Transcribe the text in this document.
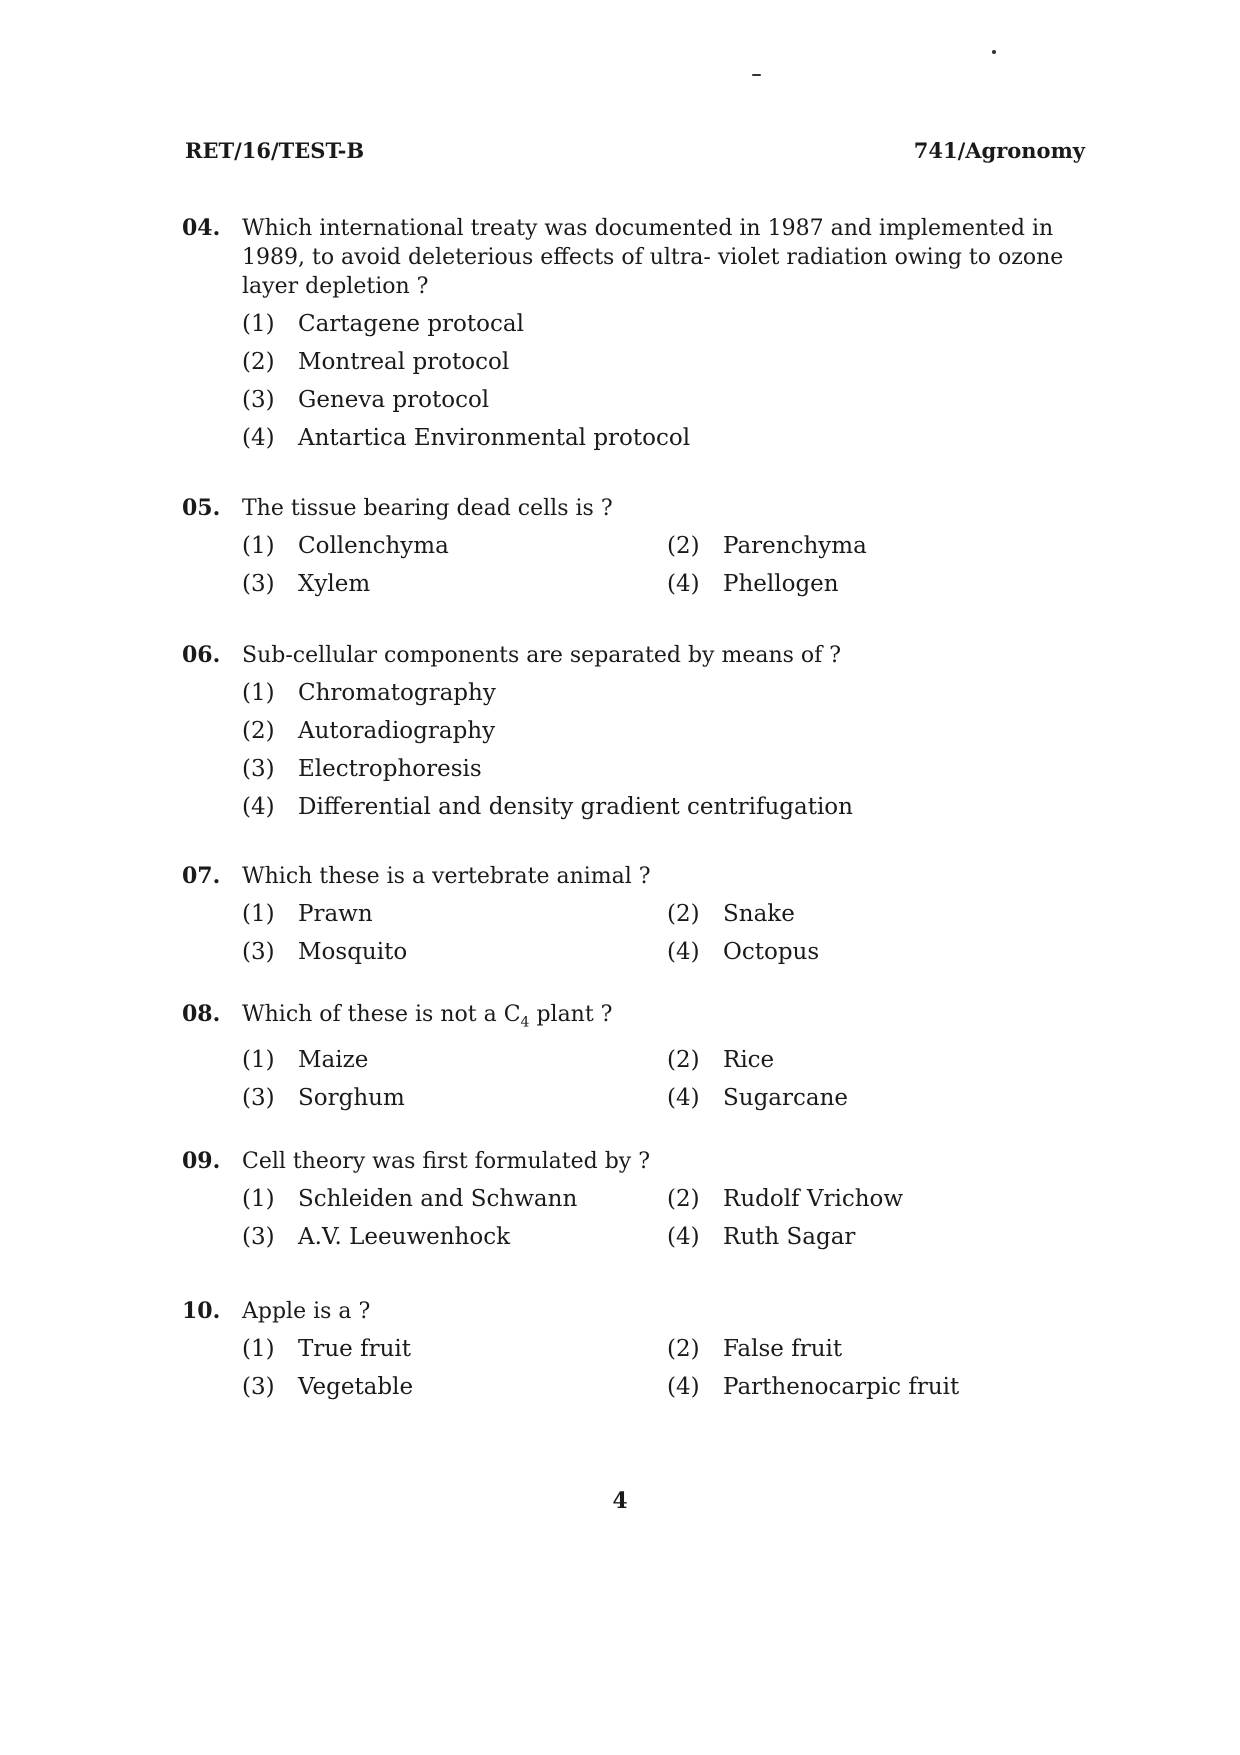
RET/16/TEST-B	741/Agronomy
04. Which international treaty was documented in 1987 and implemented in 1989, to avoid deleterious effects of ultra- violet radiation owing to ozone layer depletion ?
(1)	Cartagene protocal
(2)	Montreal protocol
(3)	Geneva protocol
(4)	Antartica Environmental protocol
05. The tissue bearing dead cells is ?
(1)	Collenchyma	(2)	Parenchyma
(3)	Xylem	(4)	Phellogen
06. Sub-cellular components are separated by means of ?
(1)	Chromatography
(2)	Autoradiography
(3)	Electrophoresis
(4)	Differential and density gradient centrifugation
07. Which these is a vertebrate animal ?
(1)	Prawn	(2)	Snake
(3)	Mosquito	(4)	Octopus
08. Which of these is not a $C_4$ plant ?
(1)	Maize	(2)	Rice
(3)	Sorghum	(4)	Sugarcane
09. Cell theory was first formulated by ?
(1)	Schleiden and Schwann	(2)	Rudolf Vrichow
(3)	A.V. Leeuwenhock	(4)	Ruth Sagar
10. Apple is a ?
(1)	True fruit	(2)	False fruit
(3)	Vegetable	(4)	Parthenocarpic fruit
4
